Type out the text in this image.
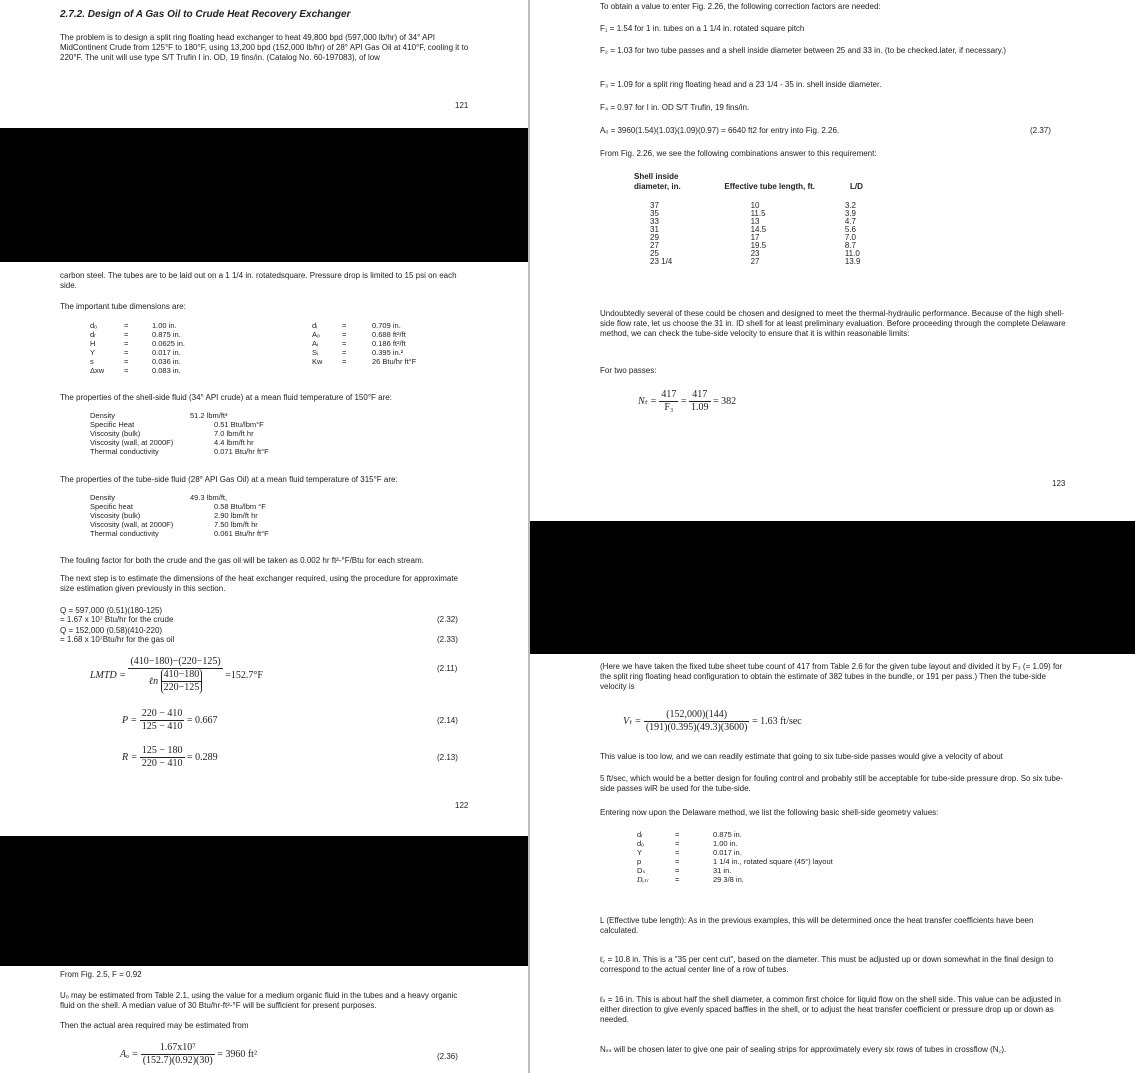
2.7.2. Design of A Gas Oil to Crude Heat Recovery Exchanger
The problem is to design a split ring floating head exchanger to heat 49,800 bpd (597,000 lb/hr) of 34° API MidContinent Crude from 125°F to 180°F, using 13,200 bpd (152,000 lb/hr) of 28° API Gas Oil at 410°F, cooling it to 220°F. The unit will use type S/T Trufin I in. OD, 19 fins/in. (Catalog No. 60-197083), of low
121
carbon steel. The tubes are to be laid out on a 1 1/4 in. rotatedsquare. Pressure drop is limited to 15 psi on each side.
The important tube dimensions are:
dₒ	=	1.00 in.
dᵣ	=	0.875 in.
H	=	0.0625 in.
Y	=	0.017 in.
s	=	0.036 in.
Δxw	=	0.083 in.
dᵢ	=	0.709 in.
Aₒ	=	0.688 ft²/ft
Aᵢ	=	0.186 ft²/ft
Sᵢ	=	0.395 in.²
Kw	=	26 Btu/hr ft°F
The properties of the shell-side fluid (34° API crude) at a mean fluid temperature of 150°F are:
Density	51.2 lbm/ft³
Specific Heat	0.51 Btu/lbm°F
Viscosity (bulk)	7.0 lbm/ft hr
Viscosity (wall, at 2000F)	4.4 lbm/ft hr
Thermal conductivity	0.071 Btu/hr ft°F
The properties of the tube-side fluid (28° API Gas Oil) at a mean fluid temperature of 315°F are:
Density	49.3 lbm/ft,
Specific heat	0.58 Btu/lbm °F
Viscosity (bulk)	2.90 lbm/ft hr
Viscosity (wall, at 2000F)	7.50 lbm/ft hr
Thermal conductivity	0.061 Btu/hr ft°F
The fouling factor for both the crude and the gas oil will be taken as 0.002 hr ft²-°F/Btu for each stream.
The next step is to estimate the dimensions of the heat exchanger required, using the procedure for approximate size estimation given previously in this section.
Q = 597,000 (0.51)(180-125)
= 1.67 x 10⁷ Btu/hr for the crude	(2.32)
Q = 152,000 (0.58)(410-220)
= 1.68 x 10⁷Btu/hr for the gas oil	(2.33)
LMTD = $\frac{(410-180)-(220-125)}{\ell n \frac{410-180}{220-125}} =152.7^\circ F$
(2.11)
$P = \frac{220 - 410}{125 - 410} = 0.667$	(2.14)
$R = \frac{125 - 180}{220 - 410} = 0.289$	(2.13)
122
From Fig. 2.5, F = 0.92
Uₒ may be estimated from Table 2.1, using the value for a medium organic fluid in the tubes and a heavy organic fluid on the shell. A median value of 30 Btu/hr-ft²-°F will be sufficient for present purposes.
Then the actual area required may be estimated from
$A_o = \frac{\text{1.67x10⁷}}{(152.7)(0.92)(30)} = 3960$ ft²	(2.36)
To obtain a value to enter Fig. 2.26, the following correction factors are needed:
F₁ = 1.54 for 1 in. tubes on a 1 1/4 in. rotated square pitch
F₂ = 1.03 for two tube passes and a shell inside diameter between 25 and 33 in. (to be checked.later, if necessary.)
F₃ = 1.09 for a split ring floating head and a 23 1/4 - 35 in. shell inside diameter.
F₄ = 0.97 for I in. OD S/T Trufin, 19 fins/in.
Aₒ = 3960(1.54)(1.03)(1.09)(0.97) = 6640 ft2 for entry into Fig. 2.26.	(2.37)
From Fig. 2.26, we see the following combinations answer to this requirement:
Shell inside diameter, in.	Effective tube length, ft.	L/D

37	10	3.2
35	11.5	3.9
33	13	4.7
31	14.5	5.6
29	17	7.0
27	19.5	8.7
25	23	11.0
23 1/4	27	13.9
Undoubtedly several of these could be chosen and designed to meet the thermal-hydraulic performance. Because of the high shell-side flow rate, let us choose the 31 in. ID shell for at least preliminary evaluation. Before proceeding through the complete Delaware method, we can check the tube-side velocity to ensure that it is within reasonable limits:
For two passes:
$N_t = \frac{417}{\text{F₃}} = \frac{417}{1.09} = 382$
123
(Here we have taken the fixed tube sheet tube count of 417 from Table 2.6 for the given tube layout and divided it by F₃ (= 1.09) for the split ring floating head configuration to obtain the estimate of 382 tubes in the bundle, or 191 per pass.) Then the tube-side velocity is
$V_t = \frac{(152,000)(144)}{(191)(0.395)(49.3)(3600)} = 1.63$ ft/sec
This value is too low, and we can readily estimate that going to six tube-side passes would give a velocity of about
5 ft/sec, which would be a better design for fouling control and probably still be acceptable for tube-side pressure drop. So six tube-side passes wiR be used for the tube-side.
Entering now upon the Delaware method, we list the following basic shell-side geometry values:
dᵣ	=	0.875 in.
dₒ	=	1.00 in.
Y	=	0.017 in.
p	=	1 1/4 in., rotated square (45°) layout
Dₛ	=	31 in.
Dₒₜₗ	=	29 3/8 in.
L (Effective tube length): As in the previous examples, this will be determined once the heat transfer coefficients have been calculated.
ℓ꜀ = 10.8 in. This is a "35 per cent cut", based on the diameter. This must be adjusted up or down somewhat in the final design to correspond to the actual center line of a row of tubes.
ℓₛ = 16 in. This is about half the shell diameter, a common first choice for liquid flow on the shell side. This value can be adjusted in either direction to give evenly spaced baffles in the shell, or to adjust the heat transfer coefficient or pressure drop up or down as needed.
Nₛₛ will be chosen later to give one pair of sealing strips for approximately every six rows of tubes in crossflow (N꜀).
